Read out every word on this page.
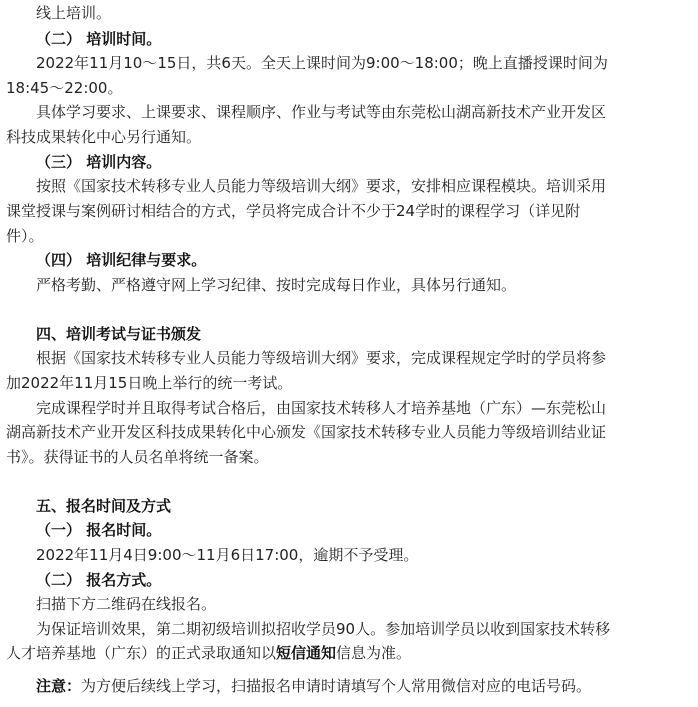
线上培训。
（二） 培训时间。
2022年11月10～15日，共6天。全天上课时间为9:00～18:00；晚上直播授课时间为
18:45～22:00。
具体学习要求、上课要求、课程顺序、作业与考试等由东莞松山湖高新技术产业开发区
科技成果转化中心另行通知。
（三） 培训内容。
按照《国家技术转移专业人员能力等级培训大纲》要求，安排相应课程模块。培训采用
课堂授课与案例研讨相结合的方式，学员将完成合计不少于24学时的课程学习（详见附
件）。
（四） 培训纪律与要求。
严格考勤、严格遵守网上学习纪律、按时完成每日作业，具体另行通知。
四、培训考试与证书颁发
根据《国家技术转移专业人员能力等级培训大纲》要求，完成课程规定学时的学员将参
加2022年11月15日晚上举行的统一考试。
完成课程学时并且取得考试合格后，由国家技术转移人才培养基地（广东）—东莞松山
湖高新技术产业开发区科技成果转化中心颁发《国家技术转移专业人员能力等级培训结业证
书》。获得证书的人员名单将统一备案。
五、报名时间及方式
（一） 报名时间。
2022年11月4日9:00～11月6日17:00，逾期不予受理。
（二） 报名方式。
扫描下方二维码在线报名。
为保证培训效果，第二期初级培训拟招收学员90人。参加培训学员以收到国家技术转移
人才培养基地（广东）的正式录取通知以短信通知信息为准。
注意：为方便后续线上学习，扫描报名申请时请填写个人常用微信对应的电话号码。
